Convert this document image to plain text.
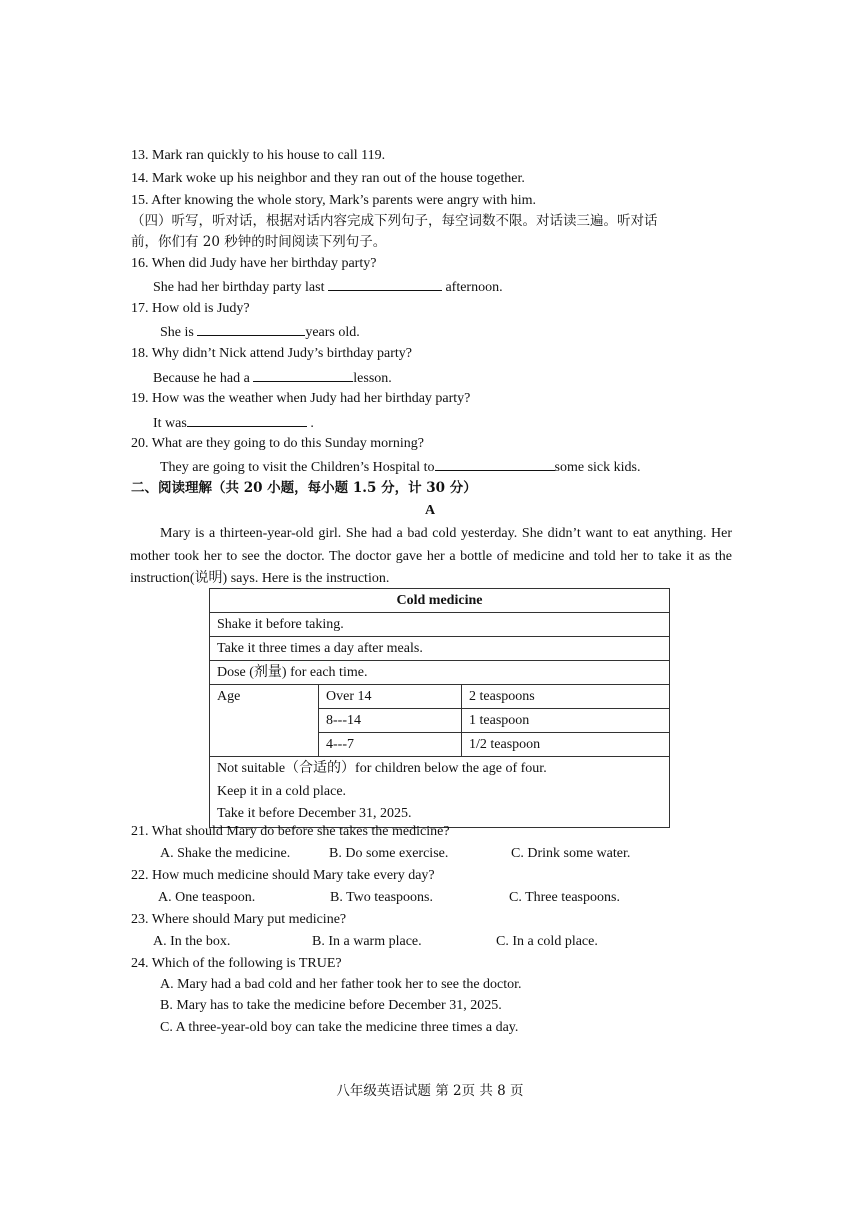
13. Mark ran quickly to his house to call 119.
14. Mark woke up his neighbor and they ran out of the house together.
15. After knowing the whole story, Mark’s parents were angry with him.
（四）听写，听对话，根据对话内容完成下列句子，每空词数不限。对话读三遍。听对话
前，你们有 20 秒钟的时间阅读下列句子。
16. When did Judy have her birthday party?
She had her birthday party last	afternoon.
17. How old is Judy?
She is	years old.
18. Why didn’t Nick attend Judy’s birthday party?
Because he had a	lesson.
19. How was the weather when Judy had her birthday party?
It was	.
20. What are they going to do this Sunday morning?
They are going to visit the Children’s Hospital to	some sick kids.
二、阅读理解（共 20 小题，每小题 1.5 分，计 30 分）
A
Mary is a thirteen-year-old girl. She had a bad cold yesterday. She didn’t want to eat anything. Her mother took her to see the doctor. The doctor gave her a bottle of medicine and told her to take it as the instruction(说明) says. Here is the instruction.
Cold medicine		
Shake it before taking.		
Take it three times a day after meals.		
Dose (剂量) for each time.		
Age	Over 14	2 teaspoons
	8---14	1 teaspoon
	4---7	1/2 teaspoon

Not suitable（合适的）for children below the age of four.
Keep it in a cold place.
Take it before December 31, 2025.		
21. What should Mary do before she takes the medicine?
A. Shake the medicine.	B. Do some exercise.	C. Drink some water.
22. How much medicine should Mary take every day?
A. One teaspoon.	B. Two teaspoons.	C. Three teaspoons.
23. Where should Mary put medicine?
A. In the box.	B. In a warm place.	C. In a cold place.
24. Which of the following is TRUE?
A. Mary had a bad cold and her father took her to see the doctor.
B. Mary has to take the medicine before December 31, 2025.
C. A three-year-old boy can take the medicine three times a day.
八年级英语试题 第 2页 共 8 页
